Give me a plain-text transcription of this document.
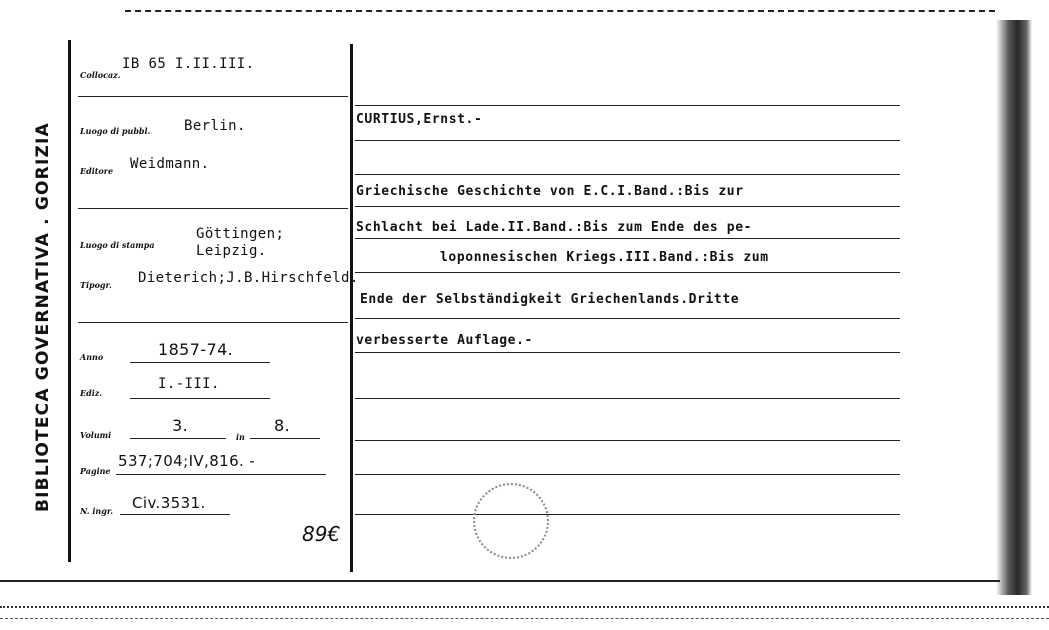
BIBLIOTECA GOVERNATIVA . GORIZIA
Collocaz.
IB 65 I.II.III.
Luogo di pubbl. Berlin.
Editore Weidmann.
Luogo di stampa
Göttingen;
Leipzig.
Tipogr. Dieterich;J.B.Hirschfeld.
Anno	1857-74.
Ediz.
I.-III.
Volumi	3.
in
8.
Pagine
537;704;IV,816. -
N. ingr. Civ.3531.
89€
CURTIUS,Ernst.-
Griechische Geschichte von E.C.I.Band.:Bis zur
Schlacht bei Lade.II.Band.:Bis zum Ende des pe-
loponnesischen Kriegs.III.Band.:Bis zum
Ende der Selbständigkeit Griechenlands.Dritte
verbesserte Auflage.-
